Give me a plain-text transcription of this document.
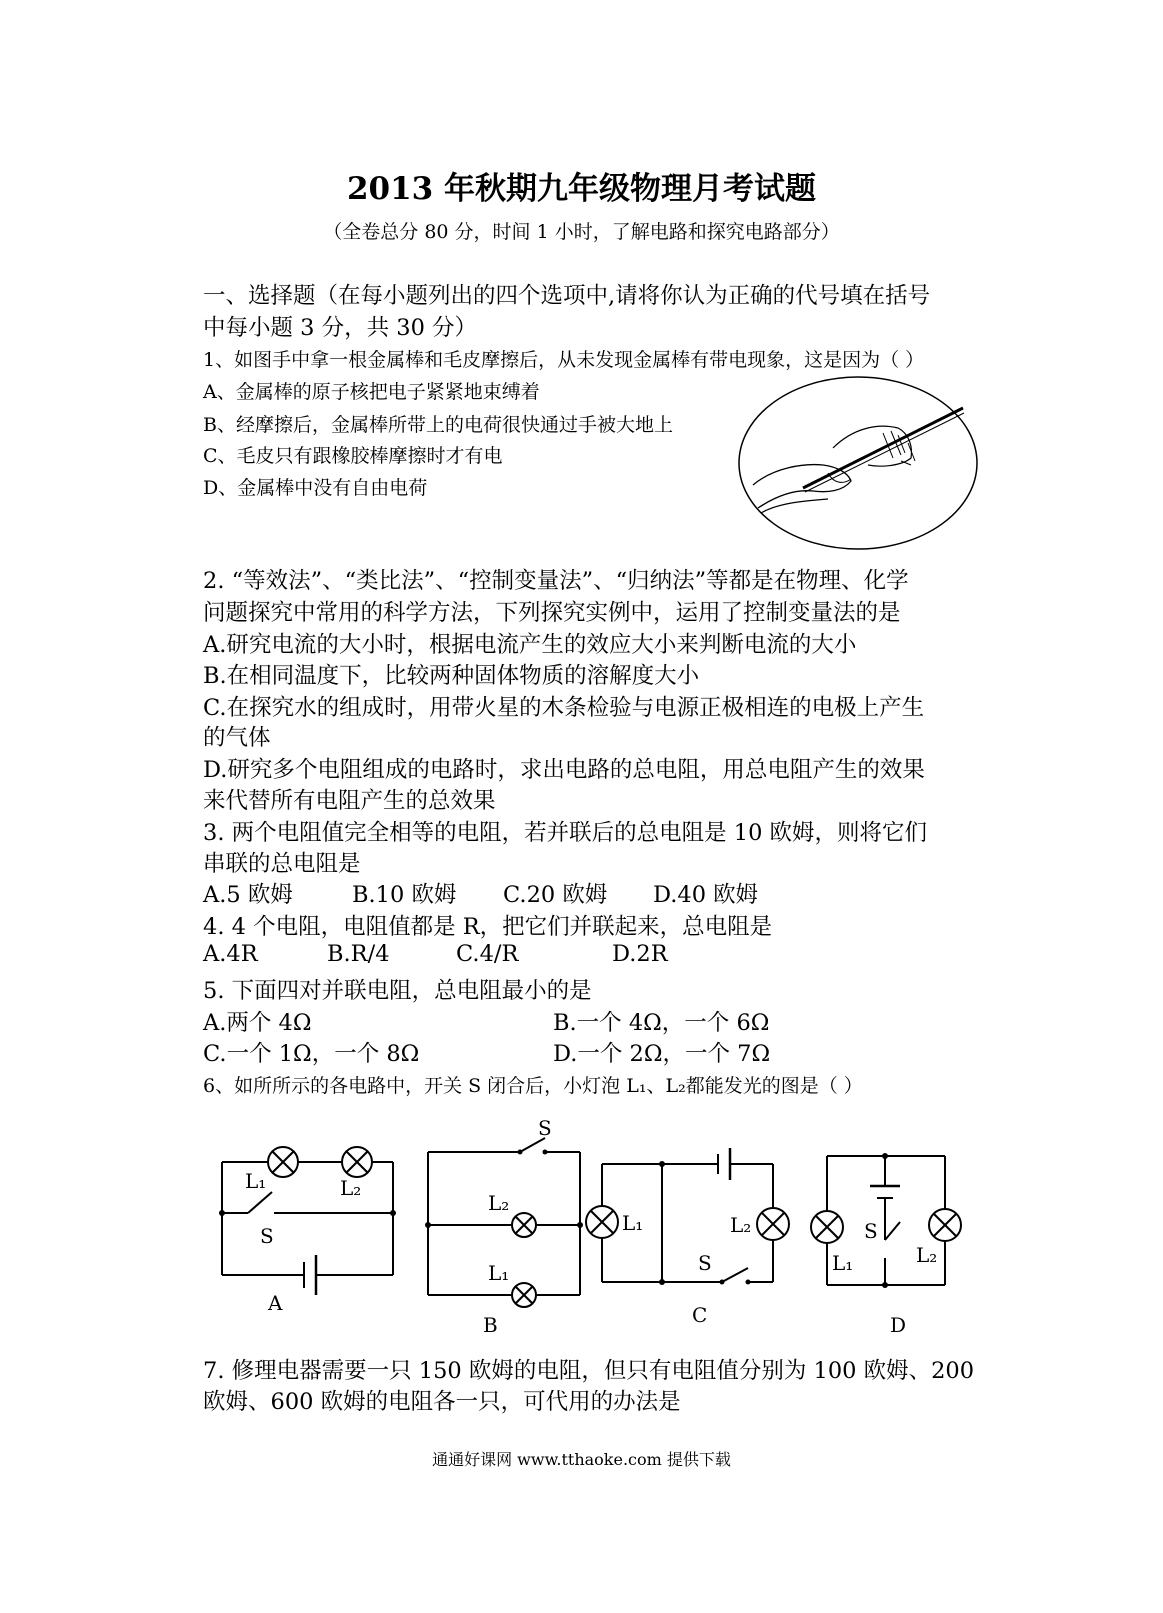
2013 年秋期九年级物理月考试题
（全卷总分 80 分，时间 1 小时，了解电路和探究电路部分）
一、选择题（在每小题列出的四个选项中,请将你认为正确的代号填在括号
中每小题 3 分，共 30 分）
1、如图手中拿一根金属棒和毛皮摩擦后，从未发现金属棒有带电现象，这是因为（ ）
A、金属棒的原子核把电子紧紧地束缚着
B、经摩擦后，金属棒所带上的电荷很快通过手被大地上
C、毛皮只有跟橡胶棒摩擦时才有电
D、金属棒中没有自由电荷
2. “等效法”、“类比法”、“控制变量法”、“归纳法”等都是在物理、化学
问题探究中常用的科学方法，下列探究实例中，运用了控制变量法的是
A.研究电流的大小时，根据电流产生的效应大小来判断电流的大小
B.在相同温度下，比较两种固体物质的溶解度大小
C.在探究水的组成时，用带火星的木条检验与电源正极相连的电极上产生
的气体
D.研究多个电阻组成的电路时，求出电路的总电阻，用总电阻产生的效果
来代替所有电阻产生的总效果
3. 两个电阻值完全相等的电阻，若并联后的总电阻是 10 欧姆，则将它们
串联的总电阻是
A.5 欧姆	B.10 欧姆 C.20 欧姆 D.40 欧姆
4. 4 个电阻，电阻值都是 R，把它们并联起来，总电阻是
A.4R	B.R/4	C.4/R	D.2R
5. 下面四对并联电阻，总电阻最小的是
A.两个 4Ω	B.一个 4Ω，一个 6Ω
C.一个 1Ω，一个 8Ω	D.一个 2Ω，一个 7Ω
6、如所所示的各电路中，开关 S 闭合后，小灯泡 L₁、L₂都能发光的图是（ ）
L₁	L₂
S
A
S
L₂
L₁
B
L₁	L₂
S
C
L₁	L₂
S
D
7. 修理电器需要一只 150 欧姆的电阻，但只有电阻值分别为 100 欧姆、200
欧姆、600 欧姆的电阻各一只，可代用的办法是
通通好课网 www.tthaoke.com 提供下载
